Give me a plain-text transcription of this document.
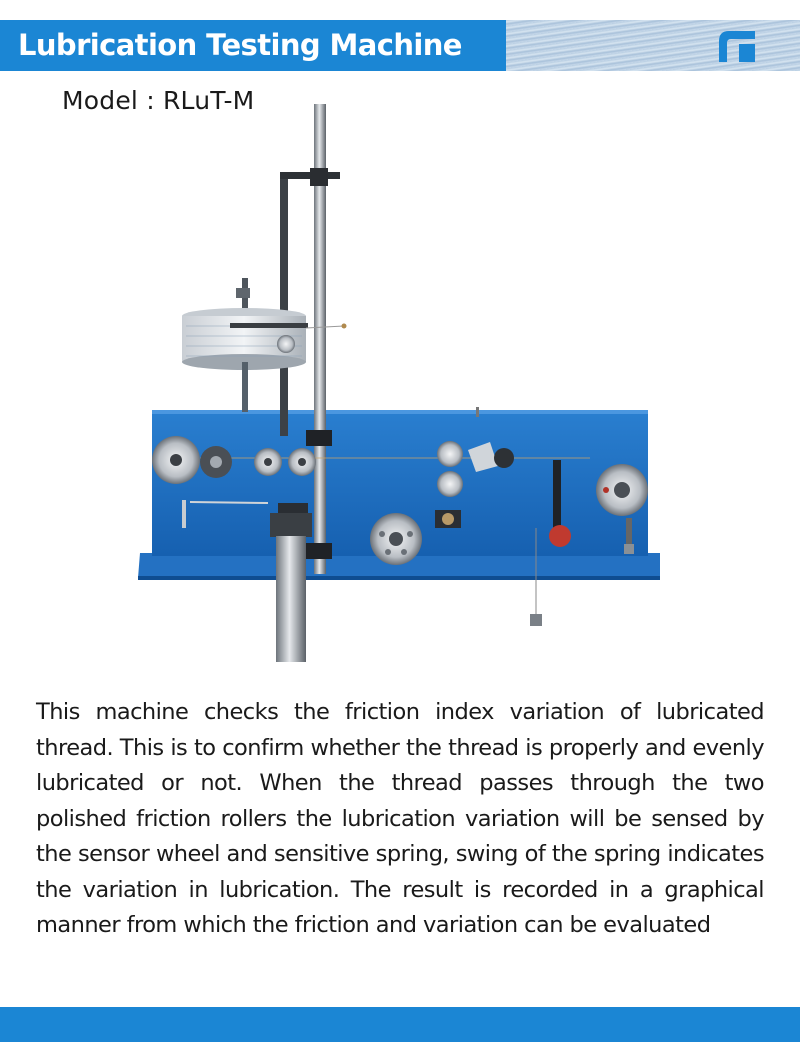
Lubrication Testing Machine
Model : RLuT-M

This machine checks the friction index variation of lubricated thread. This is to confirm whether the thread is properly and evenly lubricated or not. When the thread passes through the two polished friction rollers the lubrication variation will be sensed by the sensor wheel and sensitive spring, swing of the spring indicates the variation in lubrication. The result is recorded in a graphical manner from which the friction and variation can be evaluated
